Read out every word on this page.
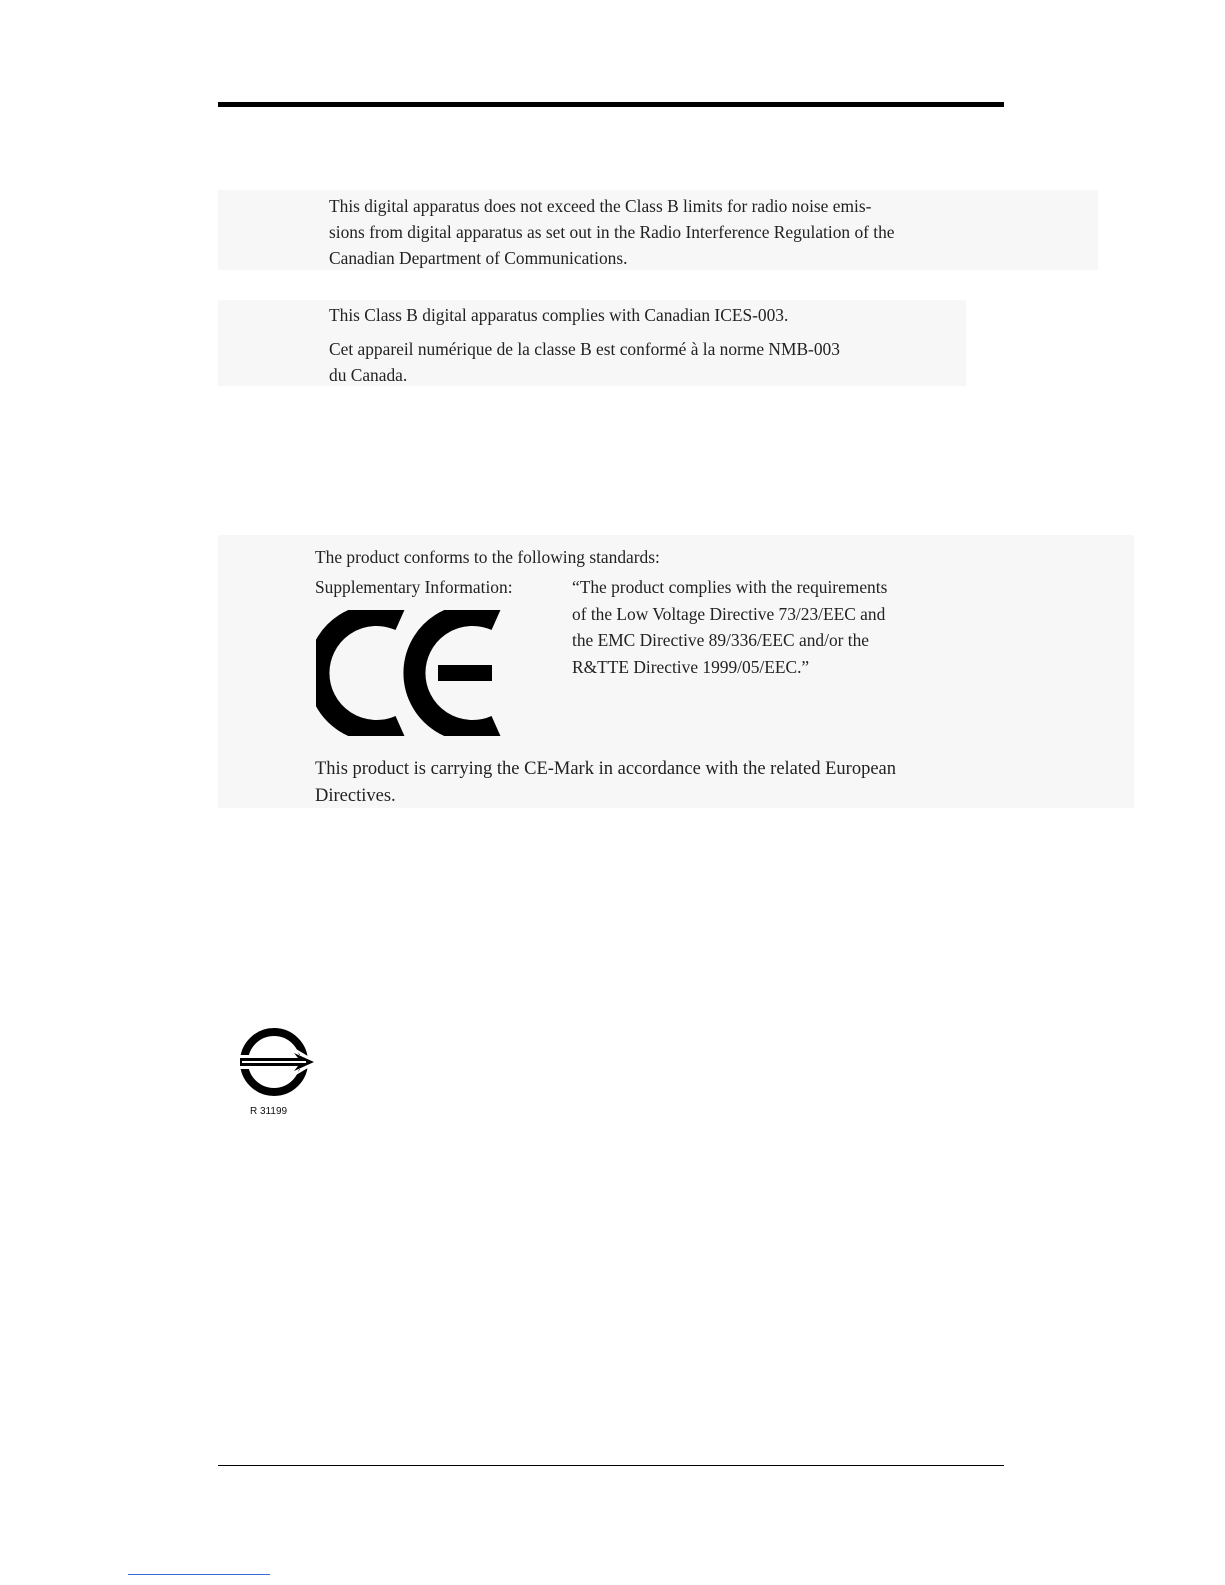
This digital apparatus does not exceed the Class B limits for radio noise emis-
sions from digital apparatus as set out in the Radio Interference Regulation of the
Canadian Department of Communications.
This Class B digital apparatus complies with Canadian ICES-003.
Cet appareil numérique de la classe B est conformé à la norme NMB-003
du Canada.
The product conforms to the following standards:
Supplementary Information:	“The product complies with the requirements
of the Low Voltage Directive 73/23/EEC and
the EMC Directive 89/336/EEC and/or the
R&TTE Directive 1999/05/EEC.”
This product is carrying the CE-Mark in accordance with the related European
Directives.
R 31199
